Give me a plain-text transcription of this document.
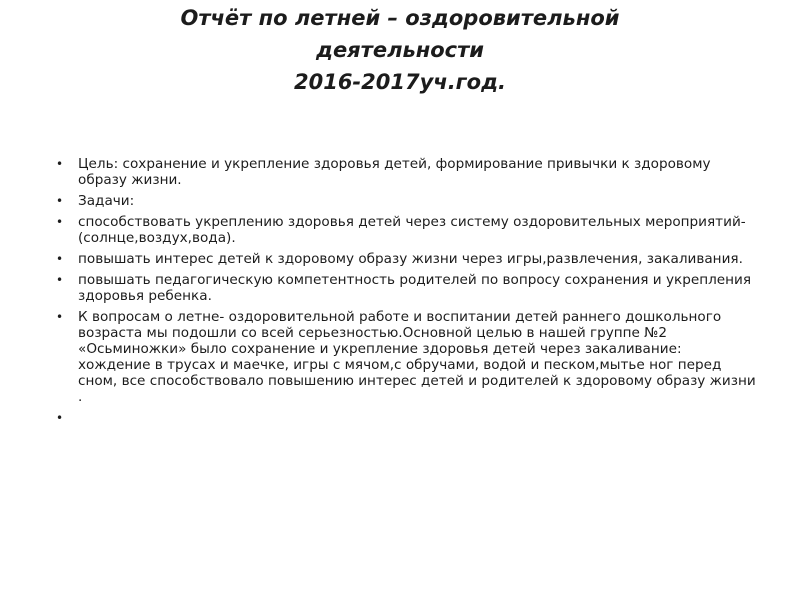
Отчёт по летней – оздоровительной
деятельности
2016-2017уч.год.
• Цель: сохранение и укрепление здоровья детей, формирование привычки к здоровому образу жизни.
• Задачи:
• способствовать укреплению здоровья детей через систему оздоровительных мероприятий-(солнце,воздух,вода).
• повышать интерес детей к здоровому образу жизни через игры,развлечения, закаливания.
• повышать педагогическую компетентность родителей по вопросу сохранения и укрепления здоровья ребенка.
• К вопросам о летне- оздоровительной работе и воспитании детей раннего дошкольного возраста мы подошли со всей серьезностью.Основной целью в нашей группе №2 «Осьминожки» было сохранение и укрепление здоровья детей через закаливание: хождение в трусах и маечке, игры с мячом,с обручами, водой и песком,мытье ног перед сном, все способствовало повышению интерес детей и родителей к здоровому образу жизни .
•
